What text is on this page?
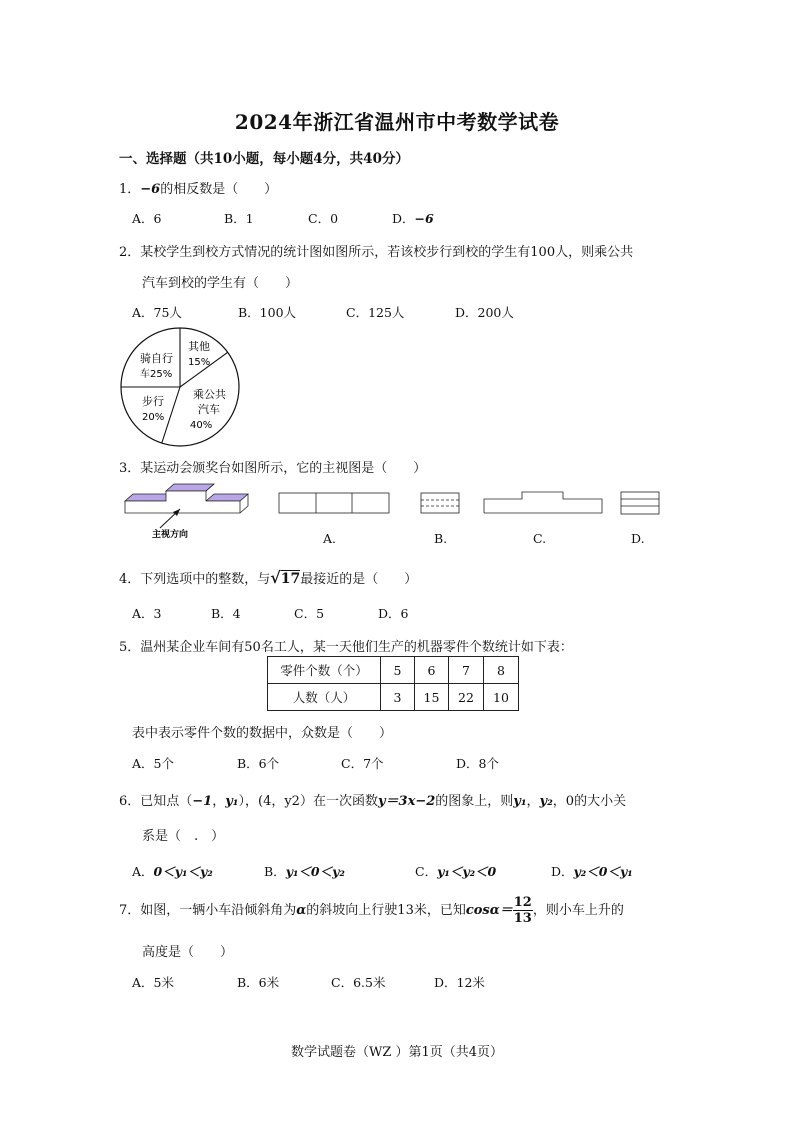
2024年浙江省温州市中考数学试卷
一、选择题（共10小题，每小题4分，共40分）
1．−6的相反数是（　　）
A．6	B．1	C．0	D．−6
2．某校学生到校方式情况的统计图如图所示，若该校步行到校的学生有100人，则乘公共
汽车到校的学生有（　　）
A．75人	B．100人	C．125人	D．200人
其他
15%
乘公共
汽车
40%
步行
20%
骑自行
车25%
3．某运动会颁奖台如图所示，它的主视图是（　　）
主视方向	A.	B.	C.	D.
4．下列选项中的整数，与√17最接近的是（　　）
A．3	B．4	C．5	D．6
5．温州某企业车间有50名工人，某一天他们生产的机器零件个数统计如下表：
零件个数（个）	5	6	7	8
人数（人）	3	15	22	10
表中表示零件个数的数据中，众数是（　　）
A．5个	B．6个	C．7个	D．8个
6．已知点（−1，y₁），(4，y2）在一次函数y＝3x−2的图象上，则y₁，y₂，0的大小关
系是（　.　）
A．0＜y₁＜y₂	B．y₁＜0＜y₂	C．y₁＜y₂＜0	D．y₂＜0＜y₁
7．如图，一辆小车沿倾斜角为α的斜坡向上行驶13米，已知$\cos\alpha= \frac{12}{13}$ ，则小车上升的
高度是（　　）
A．5米	B．6米	C．6.5米	D．12米
数学试题卷（WZ ）第1页（共4页）
